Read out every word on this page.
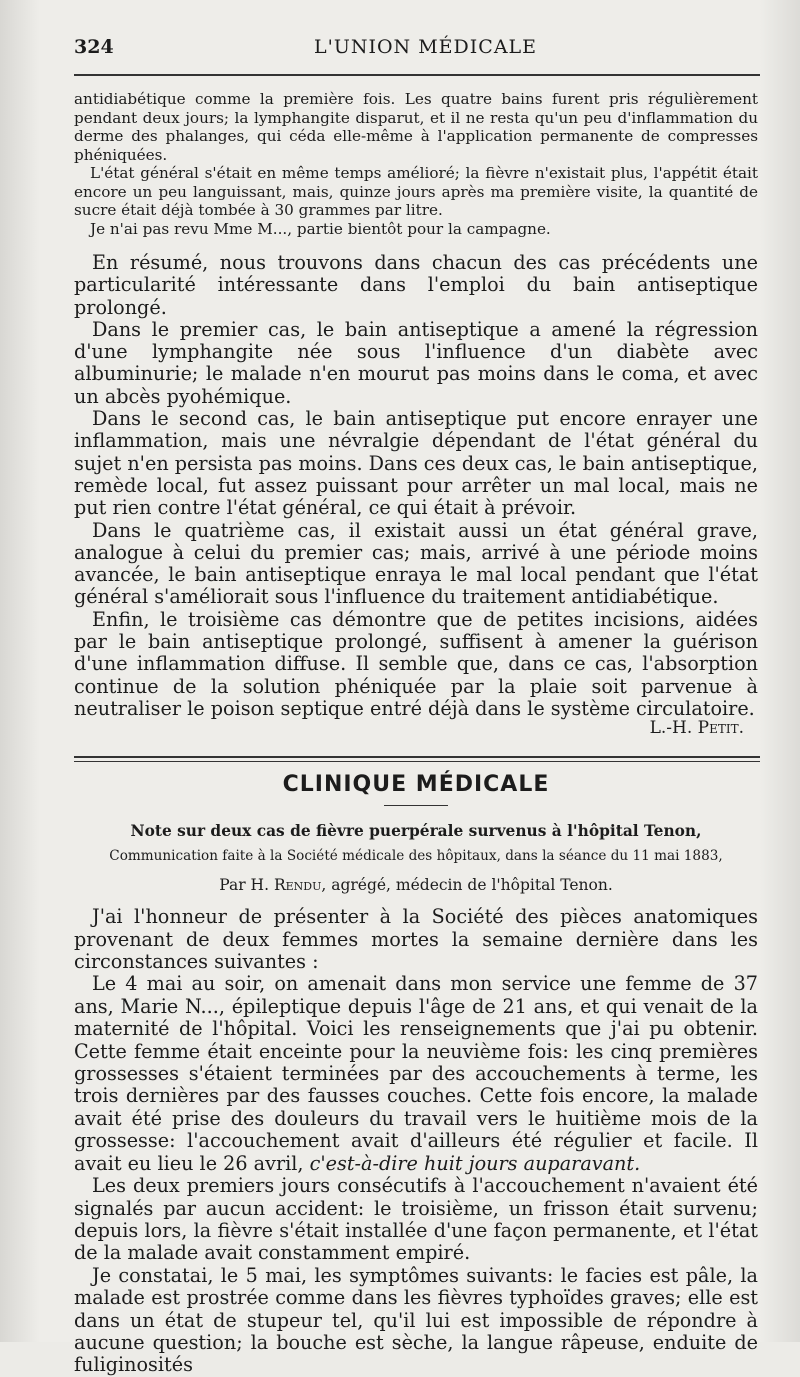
324	L'UNION MÉDICALE

antidiabétique comme la première fois. Les quatre bains furent pris régulièrement pendant deux jours; la lymphangite disparut, et il ne resta qu'un peu d'inflammation du derme des phalanges, qui céda elle-même à l'application permanente de compresses phéniquées.

L'état général s'était en même temps amélioré; la fièvre n'existait plus, l'appétit était encore un peu languissant, mais, quinze jours après ma première visite, la quantité de sucre était déjà tombée à 30 grammes par litre.

Je n'ai pas revu Mme M..., partie bientôt pour la campagne.

En résumé, nous trouvons dans chacun des cas précédents une particularité intéressante dans l'emploi du bain antiseptique prolongé.

Dans le premier cas, le bain antiseptique a amené la régression d'une lymphangite née sous l'influence d'un diabète avec albuminurie; le malade n'en mourut pas moins dans le coma, et avec un abcès pyohémique.

Dans le second cas, le bain antiseptique put encore enrayer une inflammation, mais une névralgie dépendant de l'état général du sujet n'en persista pas moins. Dans ces deux cas, le bain antiseptique, remède local, fut assez puissant pour arrêter un mal local, mais ne put rien contre l'état général, ce qui était à prévoir.

Dans le quatrième cas, il existait aussi un état général grave, analogue à celui du premier cas; mais, arrivé à une période moins avancée, le bain antiseptique enraya le mal local pendant que l'état général s'améliorait sous l'influence du traitement antidiabétique.

Enfin, le troisième cas démontre que de petites incisions, aidées par le bain antiseptique prolongé, suffisent à amener la guérison d'une inflammation diffuse. Il semble que, dans ce cas, l'absorption continue de la solution phéniquée par la plaie soit parvenue à neutraliser le poison septique entré déjà dans le système circulatoire.

L.-H. Petit.
CLINIQUE MÉDICALE
Note sur deux cas de fièvre puerpérale survenus à l'hôpital Tenon,
Communication faite à la Société médicale des hôpitaux, dans la séance du 11 mai 1883,
Par H. Rendu, agrégé, médecin de l'hôpital Tenon.

J'ai l'honneur de présenter à la Société des pièces anatomiques provenant de deux femmes mortes la semaine dernière dans les circonstances suivantes :

Le 4 mai au soir, on amenait dans mon service une femme de 37 ans, Marie N..., épileptique depuis l'âge de 21 ans, et qui venait de la maternité de l'hôpital. Voici les renseignements que j'ai pu obtenir. Cette femme était enceinte pour la neuvième fois: les cinq premières grossesses s'étaient terminées par des accouchements à terme, les trois dernières par des fausses couches. Cette fois encore, la malade avait été prise des douleurs du travail vers le huitième mois de la grossesse: l'accouchement avait d'ailleurs été régulier et facile. Il avait eu lieu le 26 avril, c'est-à-dire huit jours auparavant.

Les deux premiers jours consécutifs à l'accouchement n'avaient été signalés par aucun accident: le troisième, un frisson était survenu; depuis lors, la fièvre s'était installée d'une façon permanente, et l'état de la malade avait constamment empiré.

Je constatai, le 5 mai, les symptômes suivants: le facies est pâle, la malade est prostrée comme dans les fièvres typhoïdes graves; elle est dans un état de stupeur tel, qu'il lui est impossible de répondre à aucune question; la bouche est sèche, la langue râpeuse, enduite de fuliginosités
